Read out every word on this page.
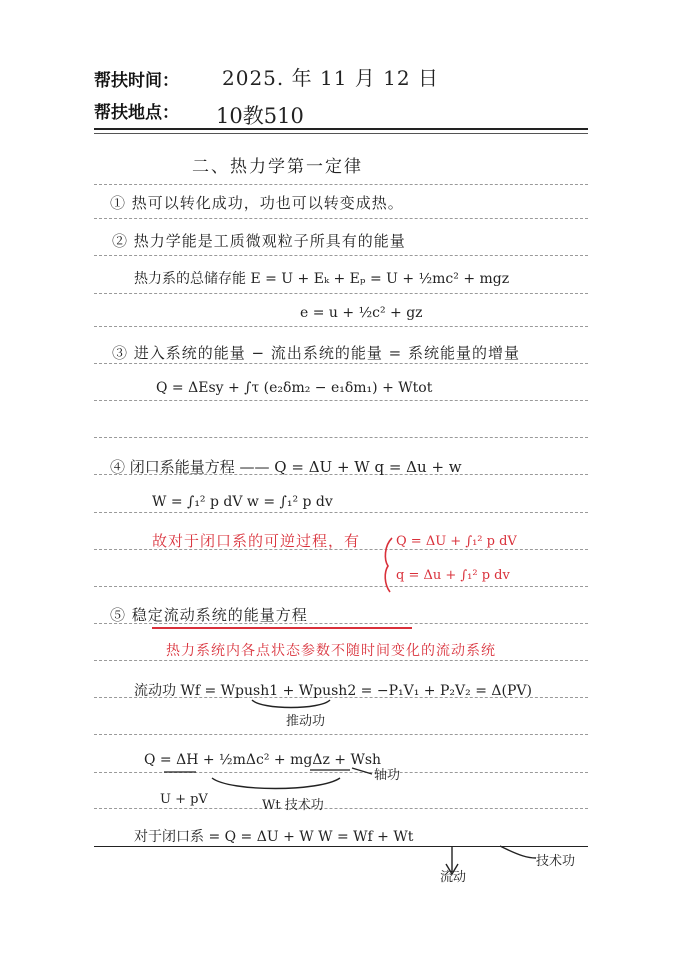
帮扶时间： 2025. 年 11 月 12 日
帮扶地点： 10教510
二、热力学第一定律
① 热可以转化成功，功也可以转变成热。
② 热力学能是工质微观粒子所具有的能量
热力系的总储存能 E = U + Eₖ + Eₚ = U + ½mc² + mgz
e = u + ½c² + gz
③ 进入系统的能量 − 流出系统的能量 = 系统能量的增量
Q = ΔEsy + ∫τ (e₂δm₂ − e₁δm₁) + Wtot
④ 闭口系能量方程 —— Q = ΔU + W q = Δu + w
W = ∫₁² p dV w = ∫₁² p dv
故对于闭口系的可逆过程，有	Q = ΔU + ∫₁² p dV
q = Δu + ∫₁² p dv
⑤ 稳定流动系统的能量方程
热力系统内各点状态参数不随时间变化的流动系统
流动功 Wf = Wpush1 + Wpush2 = −P₁V₁ + P₂V₂ = Δ(PV)
推动功
Q = ΔH + ½mΔc² + mgΔz + Wsh
轴功
U + pV	Wt 技术功
对于闭口系 = Q = ΔU + W W = Wf + Wt
技术功
流动
